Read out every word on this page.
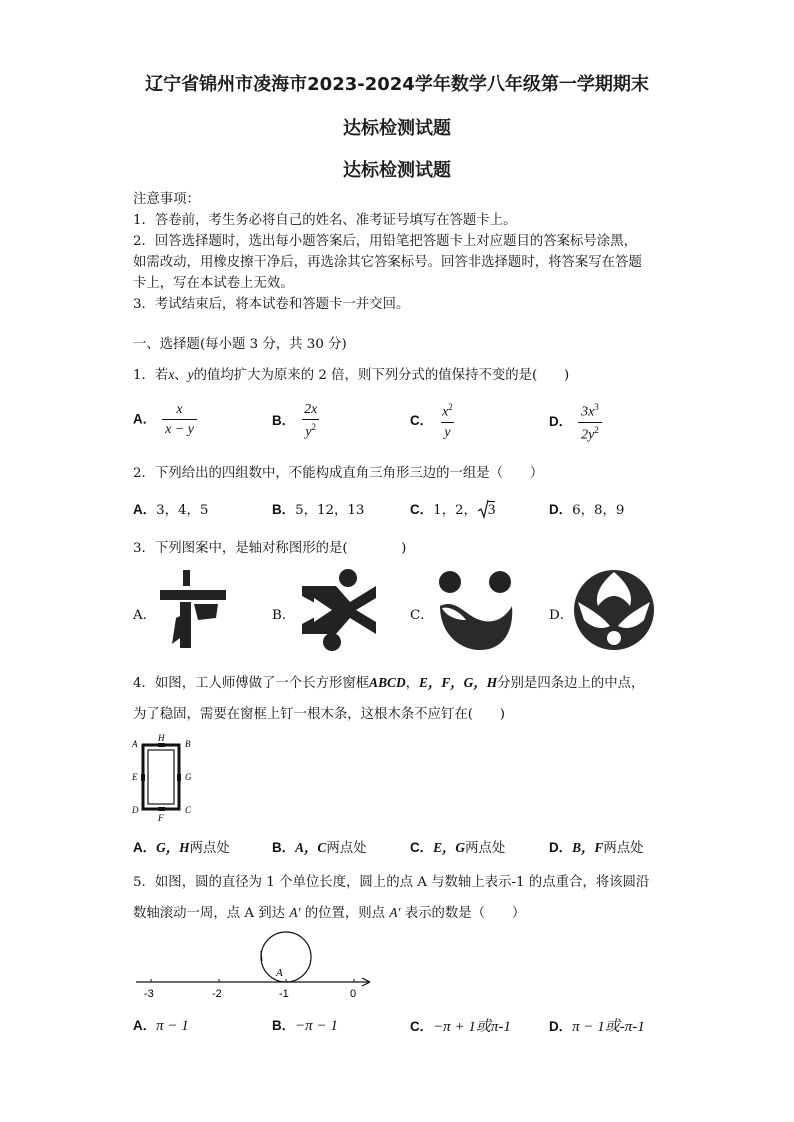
辽宁省锦州市凌海市2023-2024学年数学八年级第一学期期末
达标检测试题
达标检测试题
注意事项：
1．答卷前，考生务必将自己的姓名、准考证号填写在答题卡上。
2．回答选择题时，选出每小题答案后，用铅笔把答题卡上对应题目的答案标号涂黑，
如需改动，用橡皮擦干净后，再选涂其它答案标号。回答非选择题时，将答案写在答题
卡上，写在本试卷上无效。
3．考试结束后，将本试卷和答题卡一并交回。
一、选择题(每小题 3 分，共 30 分)
1．若x、y的值均扩大为原来的 2 倍，则下列分式的值保持不变的是(　　)
A． $\frac{x}{x - y}$	B． $\frac{2x}{y^2}$	C． $\frac{x^2}{y}$	D． $\frac{3x^3}{2y^2}$
2．下列给出的四组数中，不能构成直角三角形三边的一组是（　　）
A．3，4，5	B．5，12，13	C．1，2， 3	D．6，8，9
3．下列图案中，是轴对称图形的是(　　　　)
A．	B．	C．	D．
4．如图，工人师傅做了一个长方形窗框ABCD，E，F，G，H分别是四条边上的中点，
为了稳固，需要在窗框上钉一根木条，这根木条不应钉在(　　)
A
H
B
E	G
D
F
C
A．G，H两点处	B．A，C两点处	C．E，G两点处	D．B，F两点处
5．如图，圆的直径为 1 个单位长度，圆上的点 A 与数轴上表示-1 的点重合，将该圆沿
数轴滚动一周，点 A 到达 A′ 的位置，则点 A′ 表示的数是（　　）
-3	-2	-1	0
A
A．π − 1	B．−π − 1	C．−π + 1或π-1	D．π − 1或-π-1
